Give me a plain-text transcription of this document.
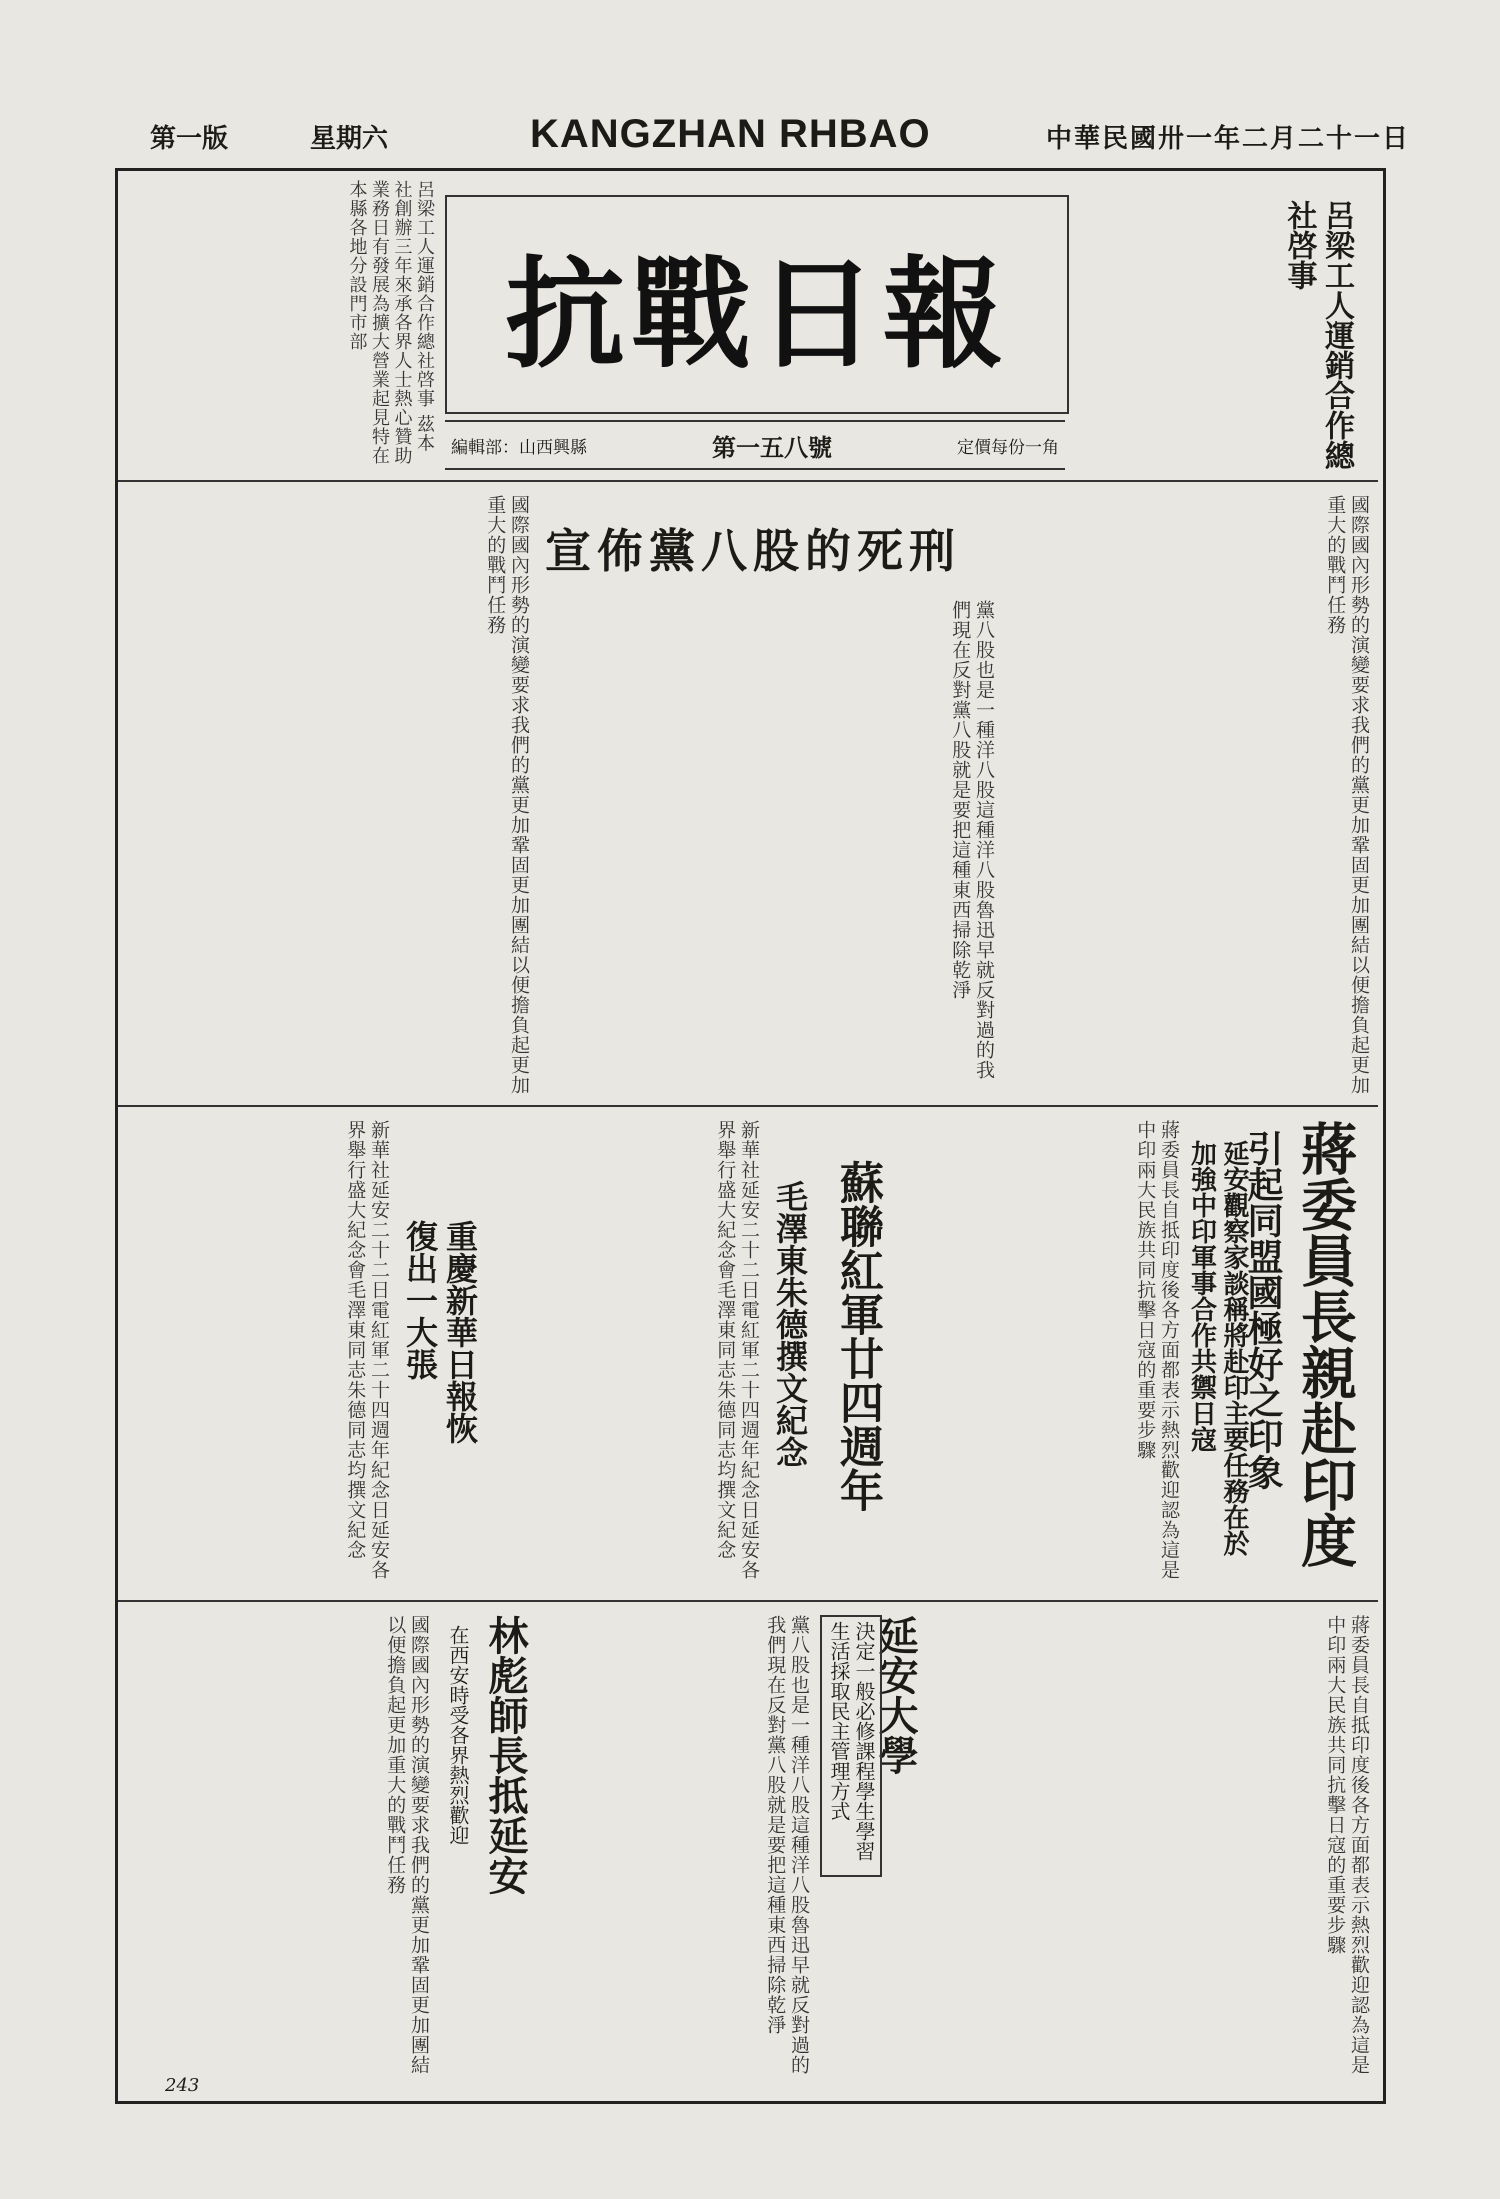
第一版	星期六	KANGZHAN RHBAO	中華民國卅一年二月二十一日
呂梁工人運銷合作總社啓事 茲本社創辦三年來承各界人士熱心贊助業務日有發展為擴大營業起見特在本縣各地分設門市部	抗戰日報
編輯部：山西興縣	第一五八號	定價每份一角	呂梁工人運銷合作總社啓事
宣佈黨八股的死刑
國際國內形勢的演變要求我們的黨更加鞏固更加團結以便擔負起更加重大的戰鬥任務
黨八股也是一種洋八股這種洋八股魯迅早就反對過的我們現在反對黨八股就是要把這種東西掃除乾淨	國際國內形勢的演變要求我們的黨更加鞏固更加團結以便擔負起更加重大的戰鬥任務
蔣委員長親赴印度
引起同盟國極好之印象
延安觀察家談稱將赴印主要任務在於加強中印軍事合作共禦日寇
蔣委員長自抵印度後各方面都表示熱烈歡迎認為這是中印兩大民族共同抗擊日寇的重要步驟
蘇聯紅軍廿四週年
毛澤東朱德撰文紀念
新華社延安二十二日電紅軍二十四週年紀念日延安各界舉行盛大紀念會毛澤東同志朱德同志均撰文紀念
重慶新華日報恢復出一大張
新華社延安二十二日電紅軍二十四週年紀念日延安各界舉行盛大紀念會毛澤東同志朱德同志均撰文紀念
林彪師長抵延安
在西安時受各界熱烈歡迎
國際國內形勢的演變要求我們的黨更加鞏固更加團結以便擔負起更加重大的戰鬥任務	延安大學
決定一般必修課程學生學習生活採取民主管理方式
黨八股也是一種洋八股這種洋八股魯迅早就反對過的我們現在反對黨八股就是要把這種東西掃除乾淨	蔣委員長自抵印度後各方面都表示熱烈歡迎認為這是中印兩大民族共同抗擊日寇的重要步驟
243
